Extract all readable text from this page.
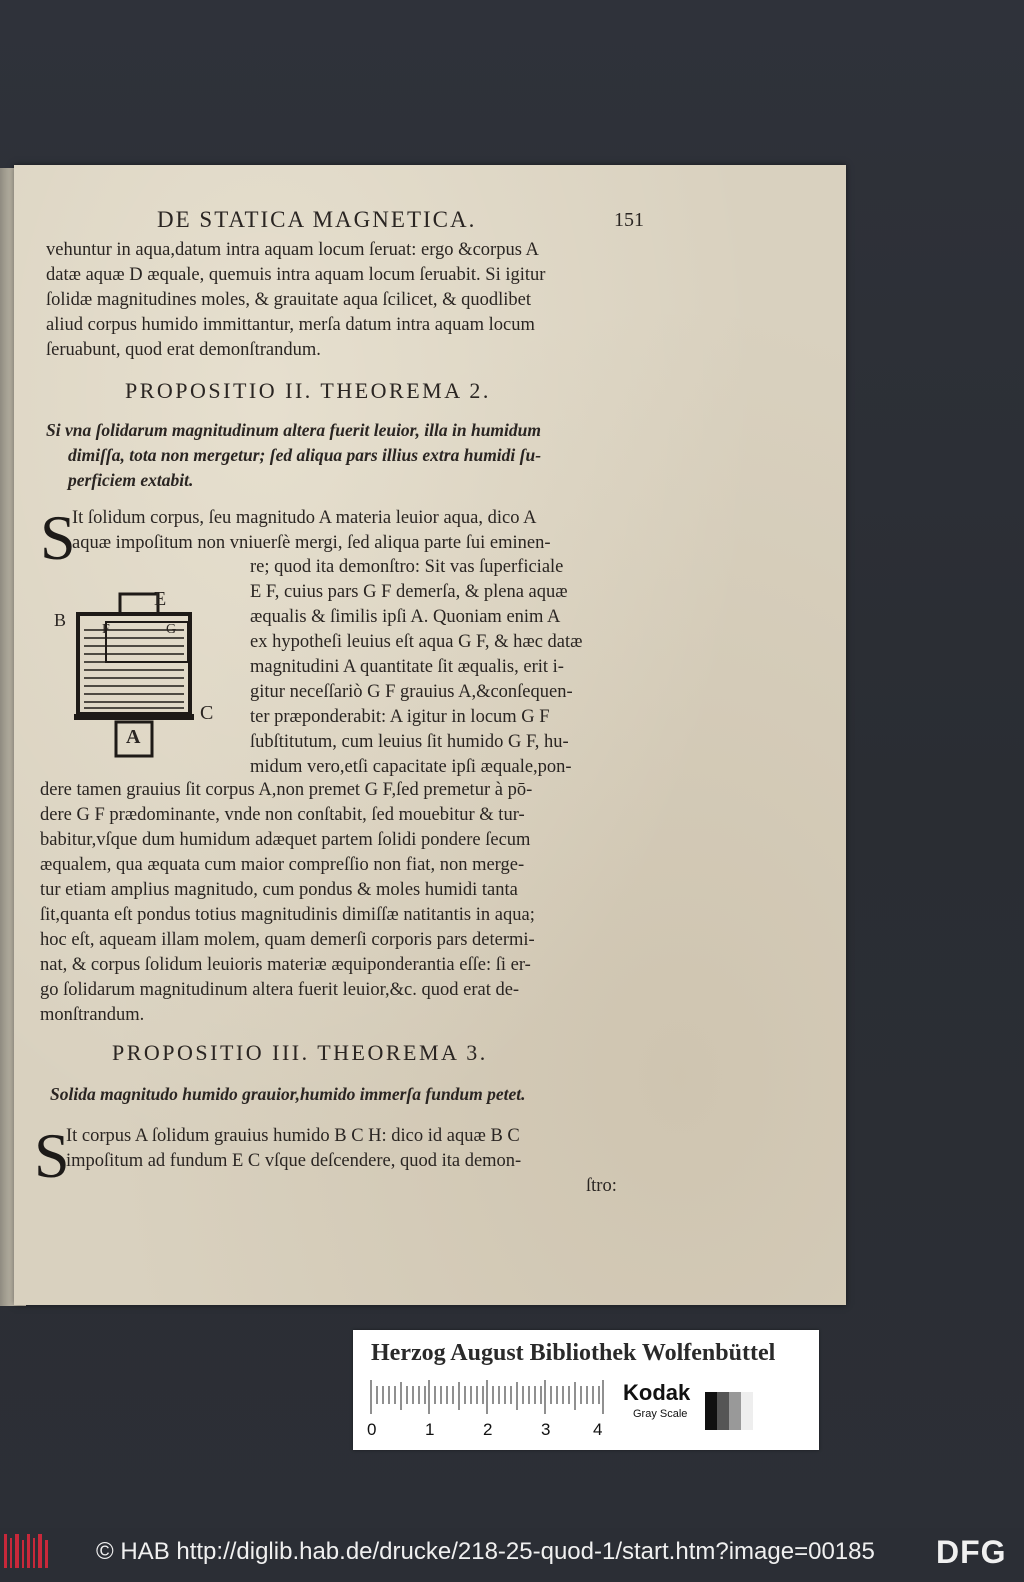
DE STATICA MAGNETICA.	151
vehuntur in aqua,datum intra aquam locum ſeruat: ergo &corpus A
datæ aquæ D æquale, quemuis intra aquam locum ſeruabit. Si igitur
ſolidæ magnitudines moles, & grauitate aqua ſcilicet, & quodlibet
aliud corpus humido immittantur, merſa datum intra aquam locum
ſeruabunt, quod erat demonſtrandum.
PROPOSITIO II. THEOREMA 2.
Si vna ſolidarum magnitudinum altera fuerit leuior, illa in humidum
dimiſſa, tota non mergetur; ſed aliqua pars illius extra humidi ſu-
perficiem extabit.
S
It ſolidum corpus, ſeu magnitudo A materia leuior aqua, dico A
aquæ impoſitum non vniuerſè mergi, ſed aliqua parte ſui eminen-
re; quod ita demonſtro: Sit vas ſuperficiale
E F, cuius pars G F demerſa, & plena aquæ
æqualis & ſimilis ipſi A. Quoniam enim A
ex hypotheſi leuius eſt aqua G F, & hæc datæ
magnitudini A quantitate ſit æqualis, erit i-
gitur neceſſariò G F grauius A,&conſequen-
ter præponderabit: A igitur in locum G F
ſubſtitutum, cum leuius ſit humido G F, hu-
midum vero,etſi capacitate ipſi æquale,pon-
E
B	F	G
C
A
dere tamen grauius ſit corpus A,non premet G F,ſed premetur à pō-
dere G F prædominante, vnde non conſtabit, ſed mouebitur & tur-
babitur,vſque dum humidum adæquet partem ſolidi pondere ſecum
æqualem, qua æquata cum maior compreſſio non fiat, non merge-
tur etiam amplius magnitudo, cum pondus & moles humidi tanta
ſit,quanta eſt pondus totius magnitudinis dimiſſæ natitantis in aqua;
hoc eſt, aqueam illam molem, quam demerſi corporis pars determi-
nat, & corpus ſolidum leuioris materiæ æquiponderantia eſſe: ſi er-
go ſolidarum magnitudinum altera fuerit leuior,&c. quod erat de-
monſtrandum.
PROPOSITIO III. THEOREMA 3.
Solida magnitudo humido grauior,humido immerſa fundum petet.
S
It corpus A ſolidum grauius humido B C H: dico id aquæ B C
impoſitum ad fundum E C vſque deſcendere, quod ita demon-
ſtro:
Herzog August Bibliothek Wolfenbüttel
0	1	2	3	4
Kodak
Gray Scale
© HAB http://diglib.hab.de/drucke/218-25-quod-1/start.htm?image=00185 DFG
